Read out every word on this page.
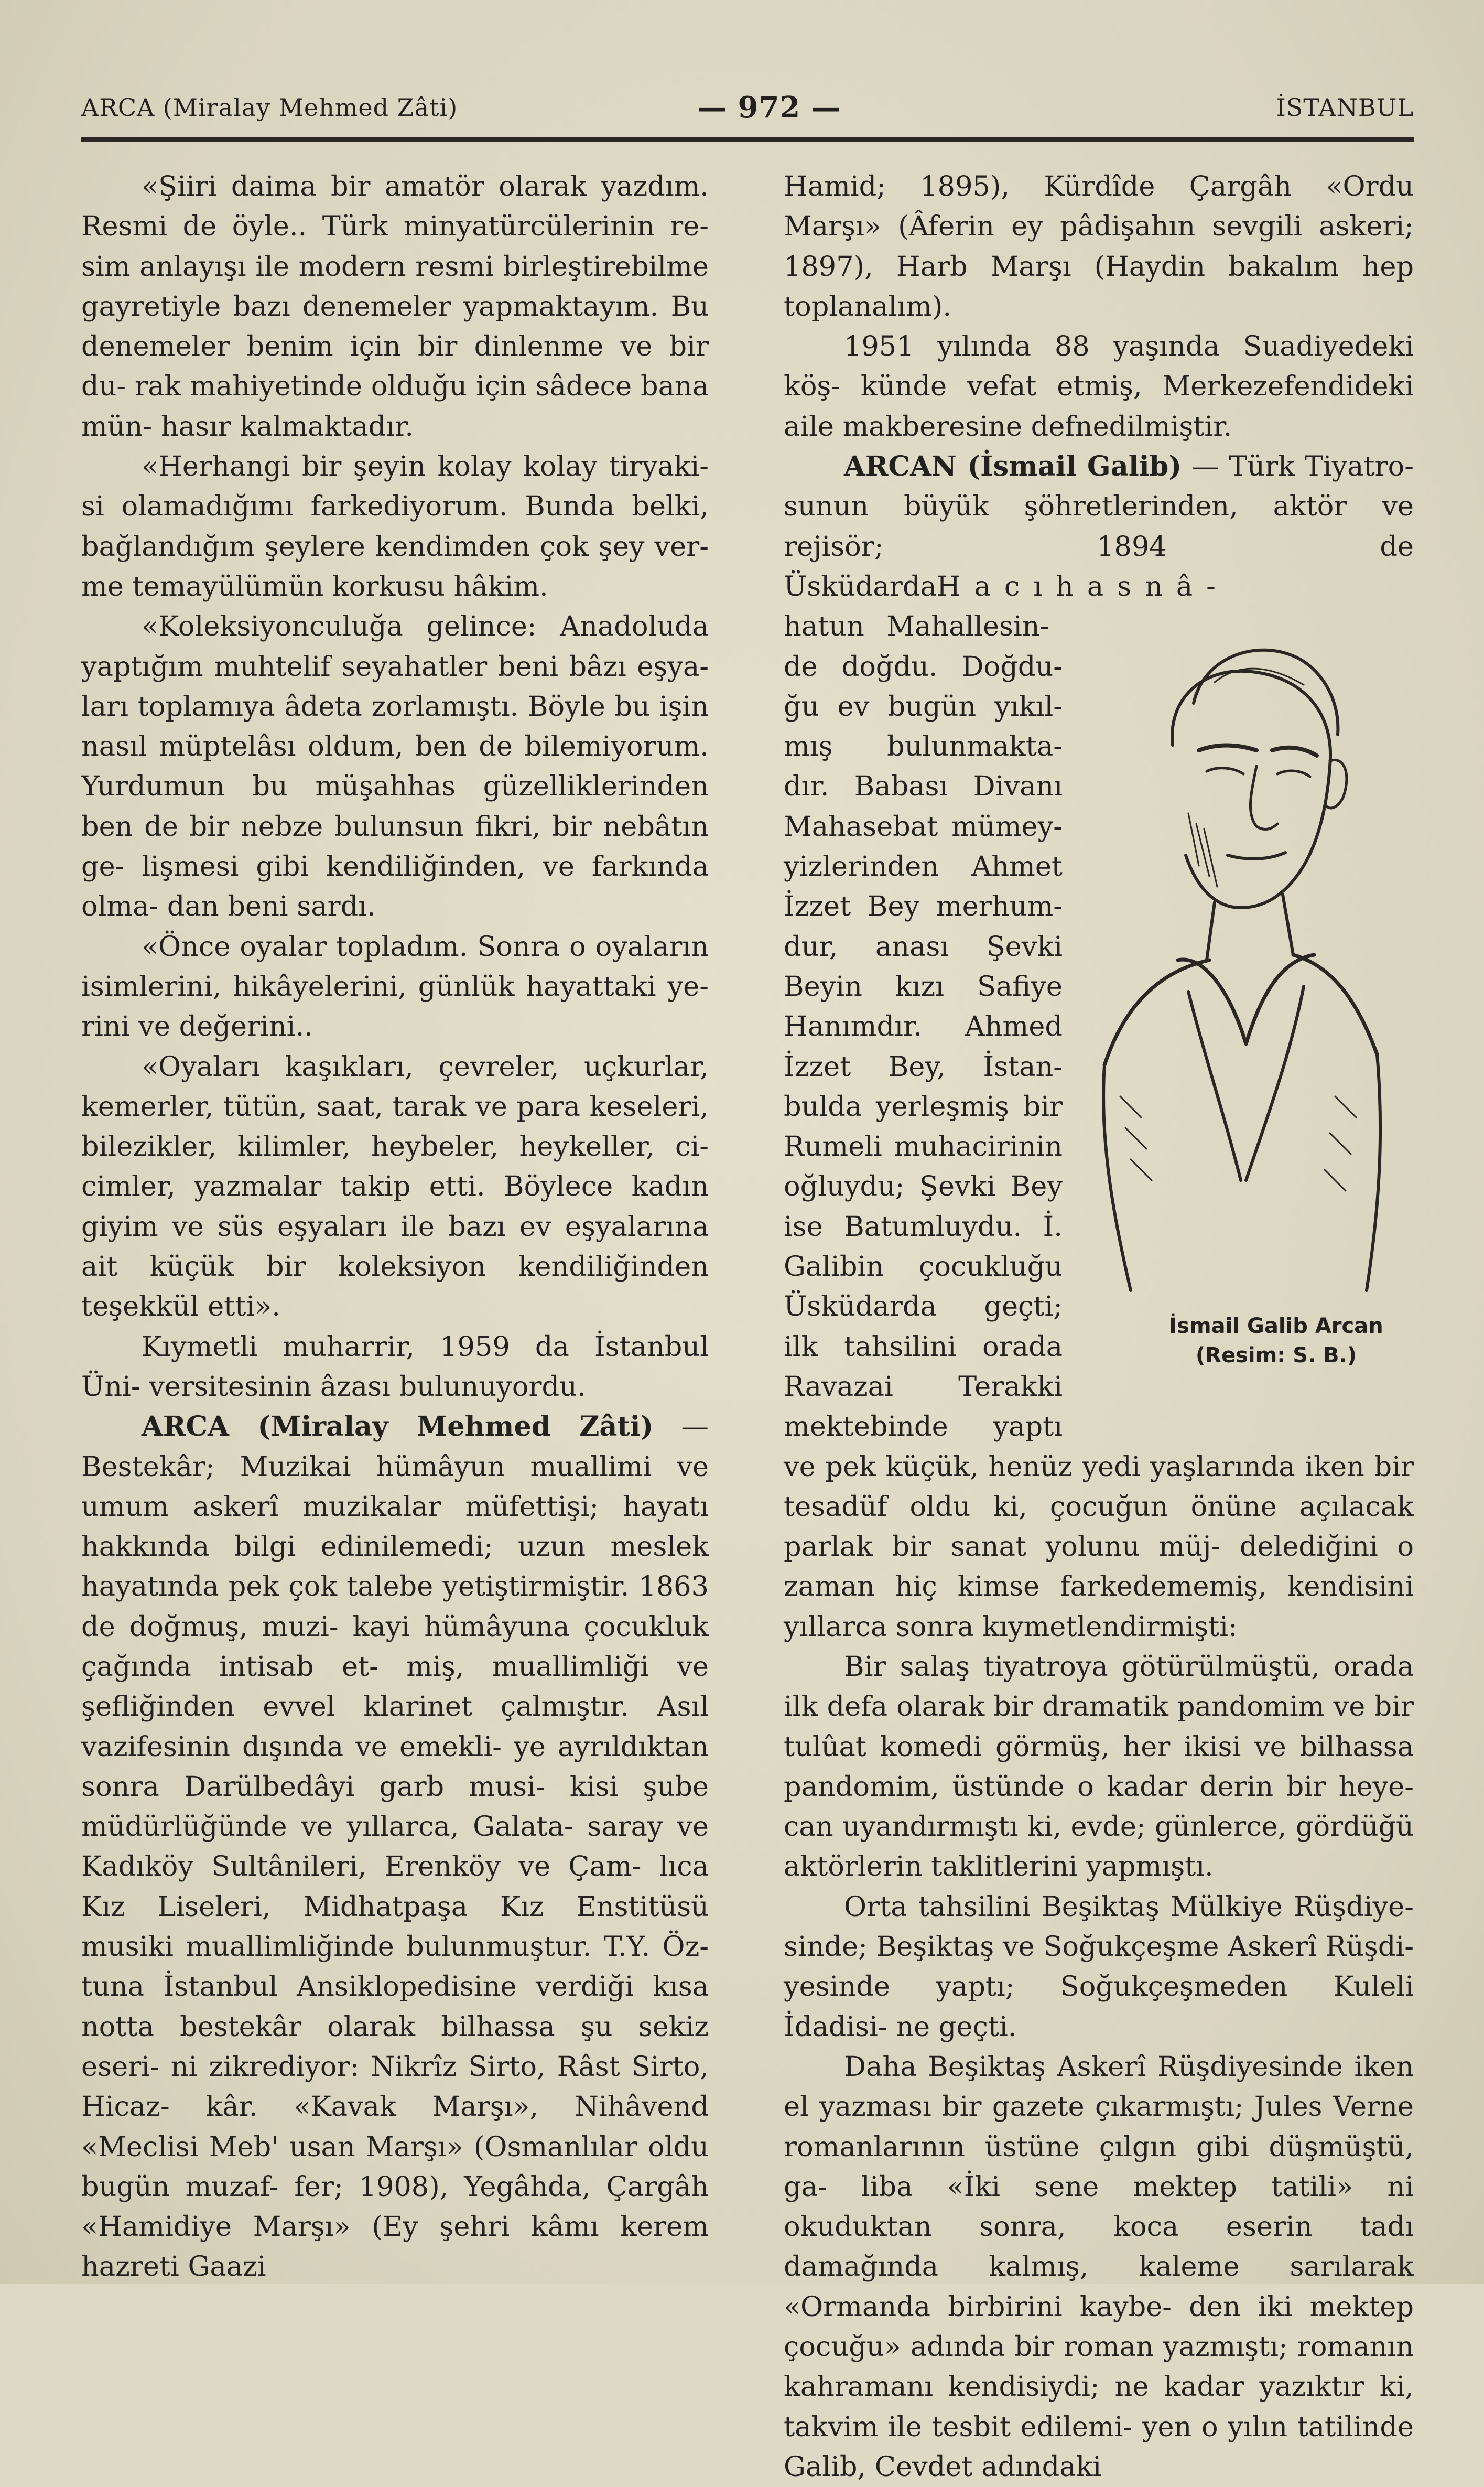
ARCA (Miralay Mehmed Zâti)	— 972 —	İSTANBUL

«Şiiri daima bir amatör olarak yazdım. Resmi de öyle.. Türk minyatürcülerinin re- sim anlayışı ile modern resmi birleştirebilme gayretiyle bazı denemeler yapmaktayım. Bu denemeler benim için bir dinlenme ve bir du- rak mahiyetinde olduğu için sâdece bana mün- hasır kalmaktadır.

«Herhangi bir şeyin kolay kolay tiryaki- si olamadığımı farkediyorum. Bunda belki, bağlandığım şeylere kendimden çok şey ver- me temayülümün korkusu hâkim.

«Koleksiyonculuğa gelince: Anadoluda yaptığım muhtelif seyahatler beni bâzı eşya- ları toplamıya âdeta zorlamıştı. Böyle bu işin nasıl müptelâsı oldum, ben de bilemiyorum. Yurdumun bu müşahhas güzelliklerinden ben de bir nebze bulunsun fikri, bir nebâtın ge- lişmesi gibi kendiliğinden, ve farkında olma- dan beni sardı.

«Önce oyalar topladım. Sonra o oyaların isimlerini, hikâyelerini, günlük hayattaki ye- rini ve değerini..

«Oyaları kaşıkları, çevreler, uçkurlar, kemerler, tütün, saat, tarak ve para keseleri, bilezikler, kilimler, heybeler, heykeller, ci- cimler, yazmalar takip etti. Böylece kadın giyim ve süs eşyaları ile bazı ev eşyalarına ait küçük bir koleksiyon kendiliğinden teşekkül etti».

Kıymetli muharrir, 1959 da İstanbul Üni- versitesinin âzası bulunuyordu.

ARCA (Miralay Mehmed Zâti) — Bestekâr; Muzikai hümâyun muallimi ve umum askerî muzikalar müfettişi; hayatı hakkında bilgi edinilemedi; uzun meslek hayatında pek çok talebe yetiştirmiştir. 1863 de doğmuş, muzi- kayi hümâyuna çocukluk çağında intisab et- miş, muallimliği ve şefliğinden evvel klarinet çalmıştır. Asıl vazifesinin dışında ve emekli- ye ayrıldıktan sonra Darülbedâyi garb musi- kisi şube müdürlüğünde ve yıllarca, Galata- saray ve Kadıköy Sultânileri, Erenköy ve Çam- lıca Kız Liseleri, Midhatpaşa Kız Enstitüsü musiki muallimliğinde bulunmuştur. T.Y. Öz- tuna İstanbul Ansiklopedisine verdiği kısa notta bestekâr olarak bilhassa şu sekiz eseri- ni zikrediyor: Nikrîz Sirto, Râst Sirto, Hicaz- kâr. «Kavak Marşı», Nihâvend «Meclisi Meb' usan Marşı» (Osmanlılar oldu bugün muzaf- fer; 1908), Yegâhda, Çargâh «Hamidiye Marşı» (Ey şehri kâmı kerem hazreti Gaazi

Hamid; 1895), Kürdîde Çargâh «Ordu Marşı» (Âferin ey pâdişahın sevgili askeri; 1897), Harb Marşı (Haydin bakalım hep toplanalım).

1951 yılında 88 yaşında Suadiyedeki köş- künde vefat etmiş, Merkezefendideki aile makberesine defnedilmiştir.

ARCAN (İsmail Galib) — Türk Tiyatro- sunun büyük şöhretlerinden, aktör ve rejisör; 1894 de Üsküdarda
İsmail Galib Arcan
(Resim: S. B.)
Hacıhasnâ- hatun Mahallesin- de doğdu. Doğdu- ğu ev bugün yıkıl- mış bulunmakta- dır. Babası Divanı Mahasebat mümey- yizlerinden Ahmet İzzet Bey merhum- dur, anası Şevki Beyin kızı Safiye Hanımdır. Ahmed İzzet Bey, İstan- bulda yerleşmiş bir Rumeli muhacirinin oğluydu; Şevki Bey ise Batumluydu. İ. Galibin çocukluğu Üsküdarda geçti; ilk tahsilini orada Ravazai Terakki mektebinde yaptı ve pek küçük, henüz yedi yaşlarında iken bir tesadüf oldu ki, çocuğun önüne açılacak parlak bir sanat yolunu müj- delediğini o zaman hiç kimse farkedememiş, kendisini yıllarca sonra kıymetlendirmişti:

Bir salaş tiyatroya götürülmüştü, orada ilk defa olarak bir dramatik pandomim ve bir tulûat komedi görmüş, her ikisi ve bilhassa pandomim, üstünde o kadar derin bir heye- can uyandırmıştı ki, evde; günlerce, gördüğü aktörlerin taklitlerini yapmıştı.

Orta tahsilini Beşiktaş Mülkiye Rüşdiye- sinde; Beşiktaş ve Soğukçeşme Askerî Rüşdi- yesinde yaptı; Soğukçeşmeden Kuleli İdadisi- ne geçti.

Daha Beşiktaş Askerî Rüşdiyesinde iken el yazması bir gazete çıkarmıştı; Jules Verne romanlarının üstüne çılgın gibi düşmüştü, ga- liba «İki sene mektep tatili» ni okuduktan sonra, koca eserin tadı damağında kalmış, kaleme sarılarak «Ormanda birbirini kaybe- den iki mektep çocuğu» adında bir roman yazmıştı; romanın kahramanı kendisiydi; ne kadar yazıktır ki, takvim ile tesbit edilemi- yen o yılın tatilinde Galib, Cevdet adındaki
